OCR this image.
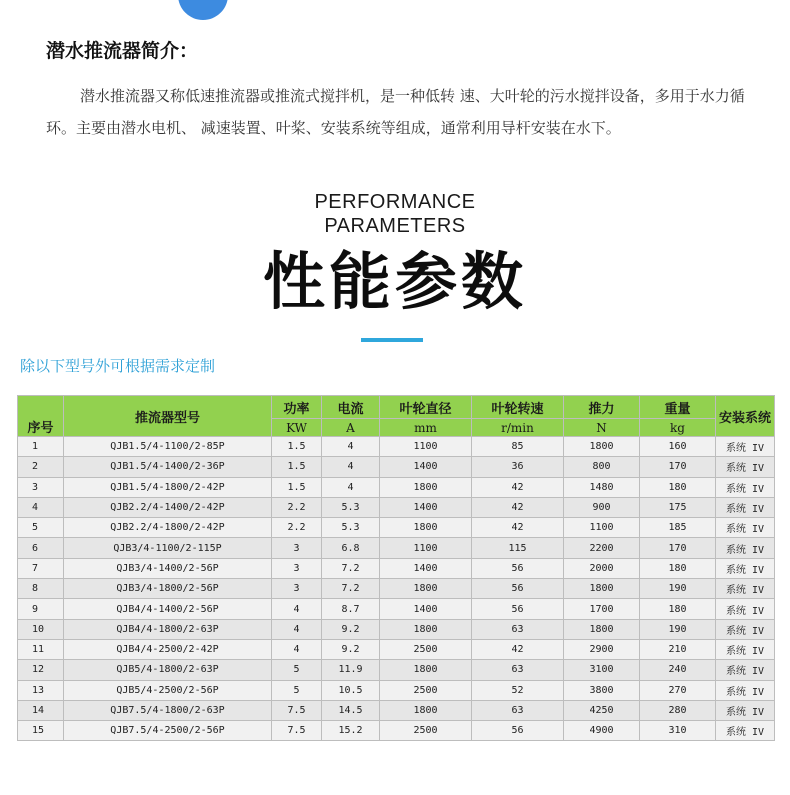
潜水推流器简介：
潜水推流器又称低速推流器或推流式搅拌机，是一种低转 速、大叶轮的污水搅拌设备，多用于水力循环。主要由潜水电机、 减速装置、叶桨、安装系统等组成，通常利用导杆安装在水下。
PERFORMANCE
PARAMETERS
性能参数
除以下型号外可根据需求定制
序号	推流器型号	功率	电流	叶轮直径	叶轮转速	推力	重量	安装系统
		KW	A	mm	r/min	N	kg	
1	QJB1.5/4-1100/2-85P	1.5	4	1100	85	1800	160	系统 IV
2	QJB1.5/4-1400/2-36P	1.5	4	1400	36	800	170	系统 IV
3	QJB1.5/4-1800/2-42P	1.5	4	1800	42	1480	180	系统 IV
4	QJB2.2/4-1400/2-42P	2.2	5.3	1400	42	900	175	系统 IV
5	QJB2.2/4-1800/2-42P	2.2	5.3	1800	42	1100	185	系统 IV
6	QJB3/4-1100/2-115P	3	6.8	1100	115	2200	170	系统 IV
7	QJB3/4-1400/2-56P	3	7.2	1400	56	2000	180	系统 IV
8	QJB3/4-1800/2-56P	3	7.2	1800	56	1800	190	系统 IV
9	QJB4/4-1400/2-56P	4	8.7	1400	56	1700	180	系统 IV
10	QJB4/4-1800/2-63P	4	9.2	1800	63	1800	190	系统 IV
11	QJB4/4-2500/2-42P	4	9.2	2500	42	2900	210	系统 IV
12	QJB5/4-1800/2-63P	5	11.9	1800	63	3100	240	系统 IV
13	QJB5/4-2500/2-56P	5	10.5	2500	52	3800	270	系统 IV
14	QJB7.5/4-1800/2-63P	7.5	14.5	1800	63	4250	280	系统 IV
15	QJB7.5/4-2500/2-56P	7.5	15.2	2500	56	4900	310	系统 IV
